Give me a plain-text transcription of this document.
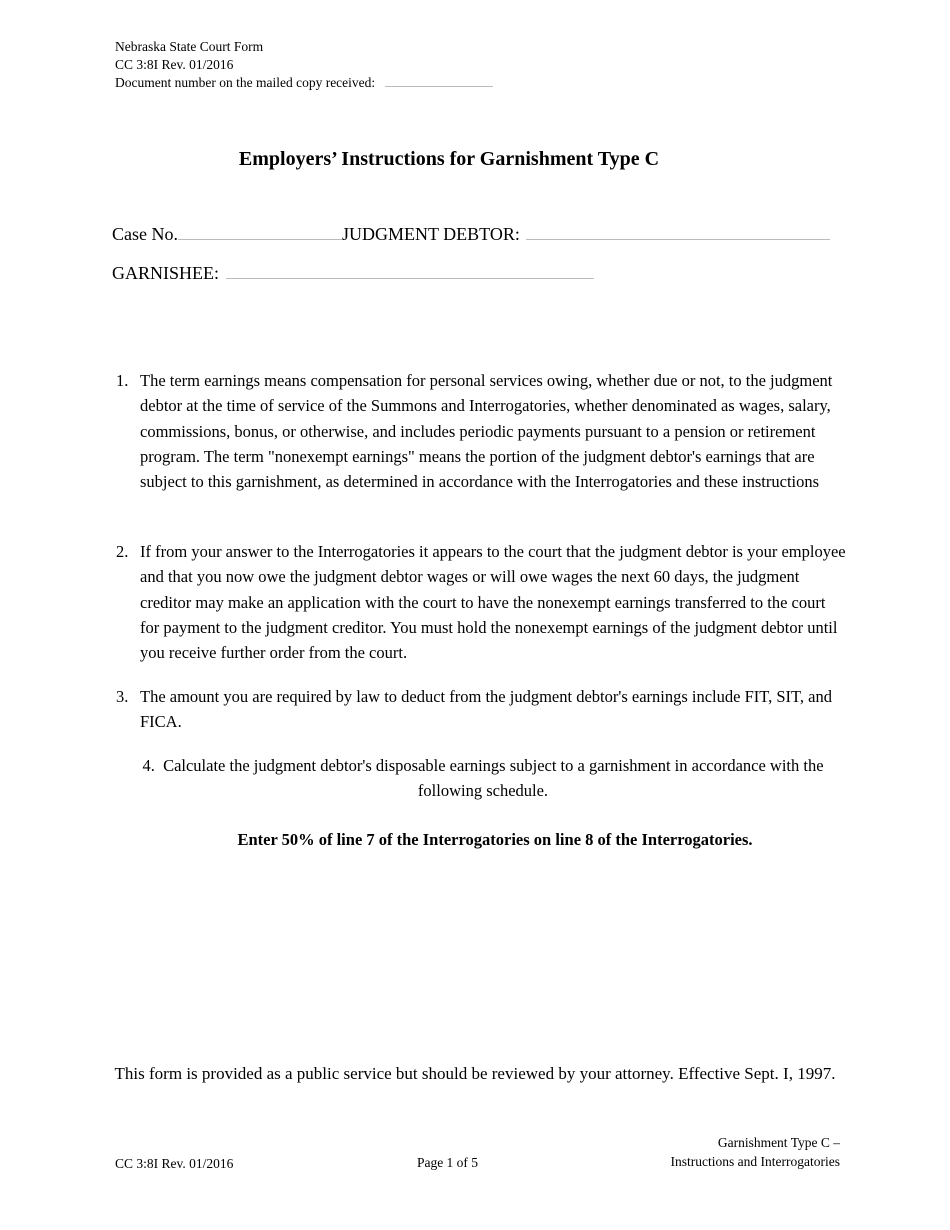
Nebraska State Court Form
CC 3:8I Rev. 01/2016
Document number on the mailed copy received:
Employers’ Instructions for Garnishment Type C
Case No.	JUDGMENT DEBTOR:
GARNISHEE:
1. The term earnings means compensation for personal services owing, whether due or not, to the judgment debtor at the time of service of the Summons and Interrogatories, whether denominated as wages, salary, commissions, bonus, or otherwise, and includes periodic payments pursuant to a pension or retirement program. The term "nonexempt earnings" means the portion of the judgment debtor's earnings that are subject to this garnishment, as determined in accordance with the Interrogatories and these instructions
2. If from your answer to the Interrogatories it appears to the court that the judgment debtor is your employee and that you now owe the judgment debtor wages or will owe wages the next 60 days, the judgment creditor may make an application with the court to have the nonexempt earnings transferred to the court for payment to the judgment creditor. You must hold the nonexempt earnings of the judgment debtor until you receive further order from the court.
3. The amount you are required by law to deduct from the judgment debtor's earnings include FIT, SIT, and FICA.
4. Calculate the judgment debtor's disposable earnings subject to a garnishment in accordance with the following schedule.
Enter 50% of line 7 of the Interrogatories on line 8 of the Interrogatories.
This form is provided as a public service but should be reviewed by your attorney. Effective Sept. I, 1997.
CC 3:8I Rev. 01/2016	Page 1 of 5
Garnishment Type C –
Instructions and Interrogatories
